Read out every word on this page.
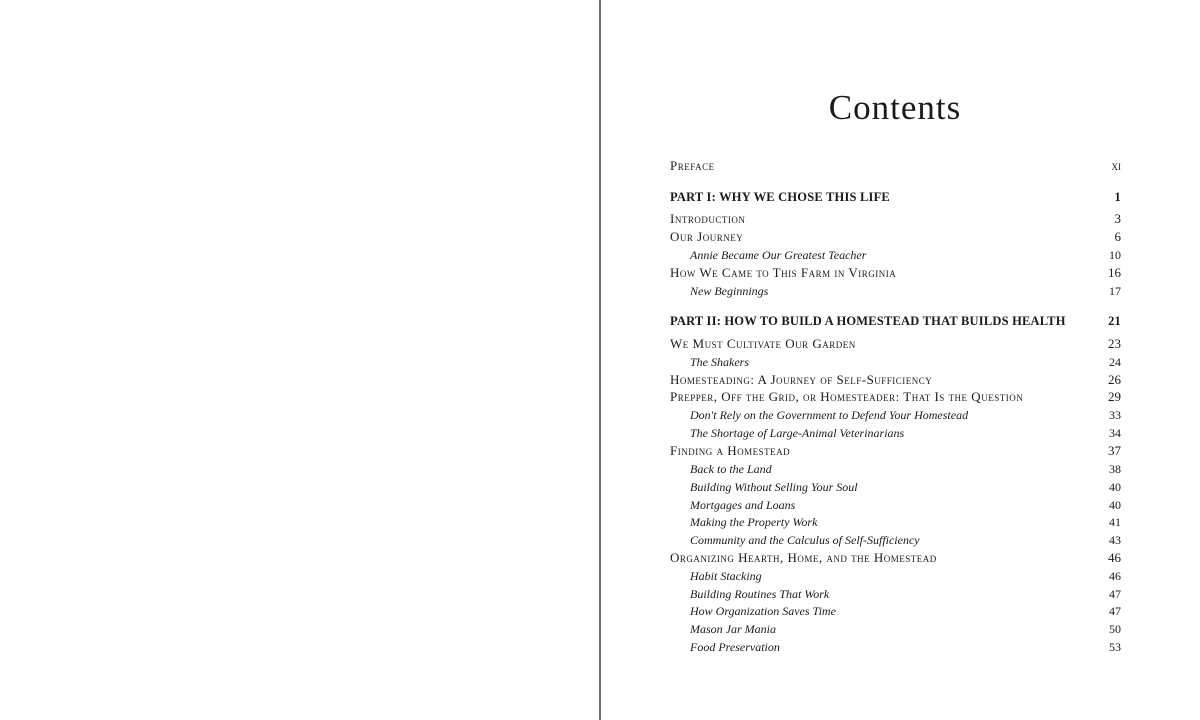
Contents
Preface	xi
PART I: WHY WE CHOSE THIS LIFE	1
Introduction	3
Our Journey	6
Annie Became Our Greatest Teacher	10
How We Came to This Farm in Virginia	16
New Beginnings	17
PART II: HOW TO BUILD A HOMESTEAD THAT BUILDS HEALTH	21
We Must Cultivate Our Garden	23
The Shakers	24
Homesteading: A Journey of Self-Sufficiency	26
Prepper, Off the Grid, or Homesteader: That Is the Question	29
Don't Rely on the Government to Defend Your Homestead	33
The Shortage of Large-Animal Veterinarians	34
Finding a Homestead	37
Back to the Land	38
Building Without Selling Your Soul	40
Mortgages and Loans	40
Making the Property Work	41
Community and the Calculus of Self-Sufficiency	43
Organizing Hearth, Home, and the Homestead	46
Habit Stacking	46
Building Routines That Work	47
How Organization Saves Time	47
Mason Jar Mania	50
Food Preservation	53
